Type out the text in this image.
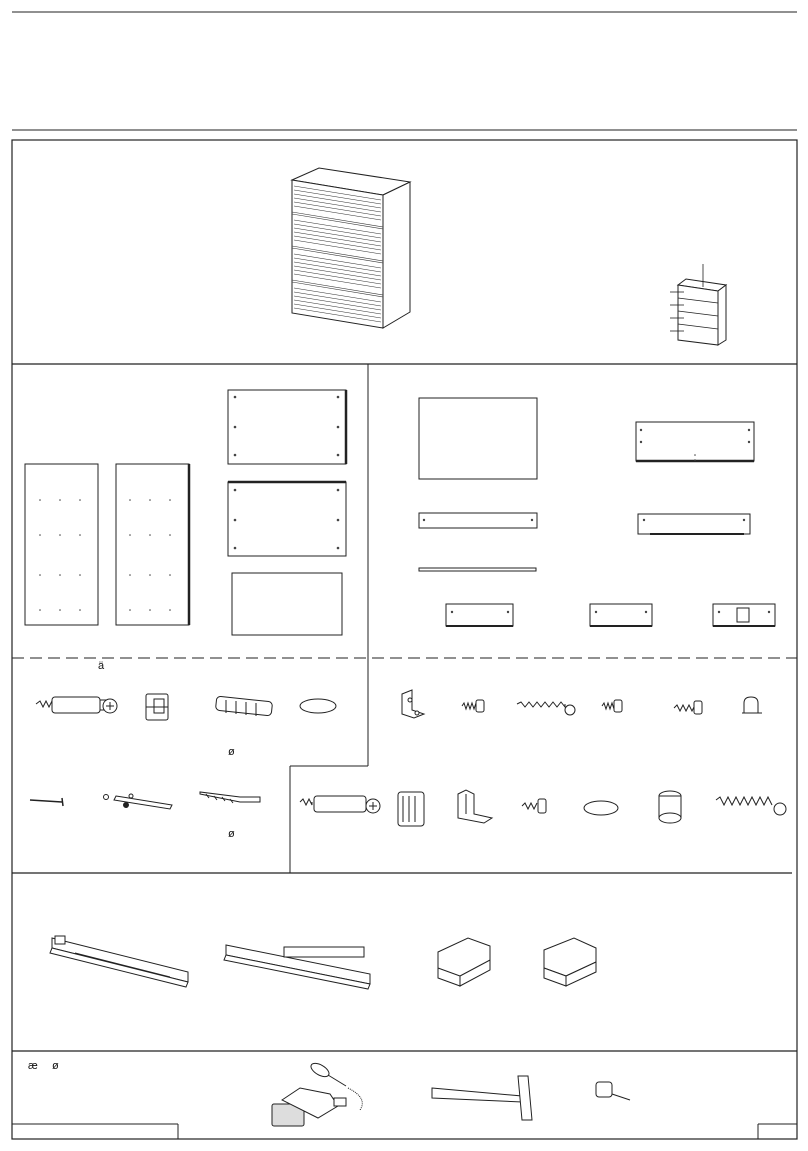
ä
ø
ø
æ ø
